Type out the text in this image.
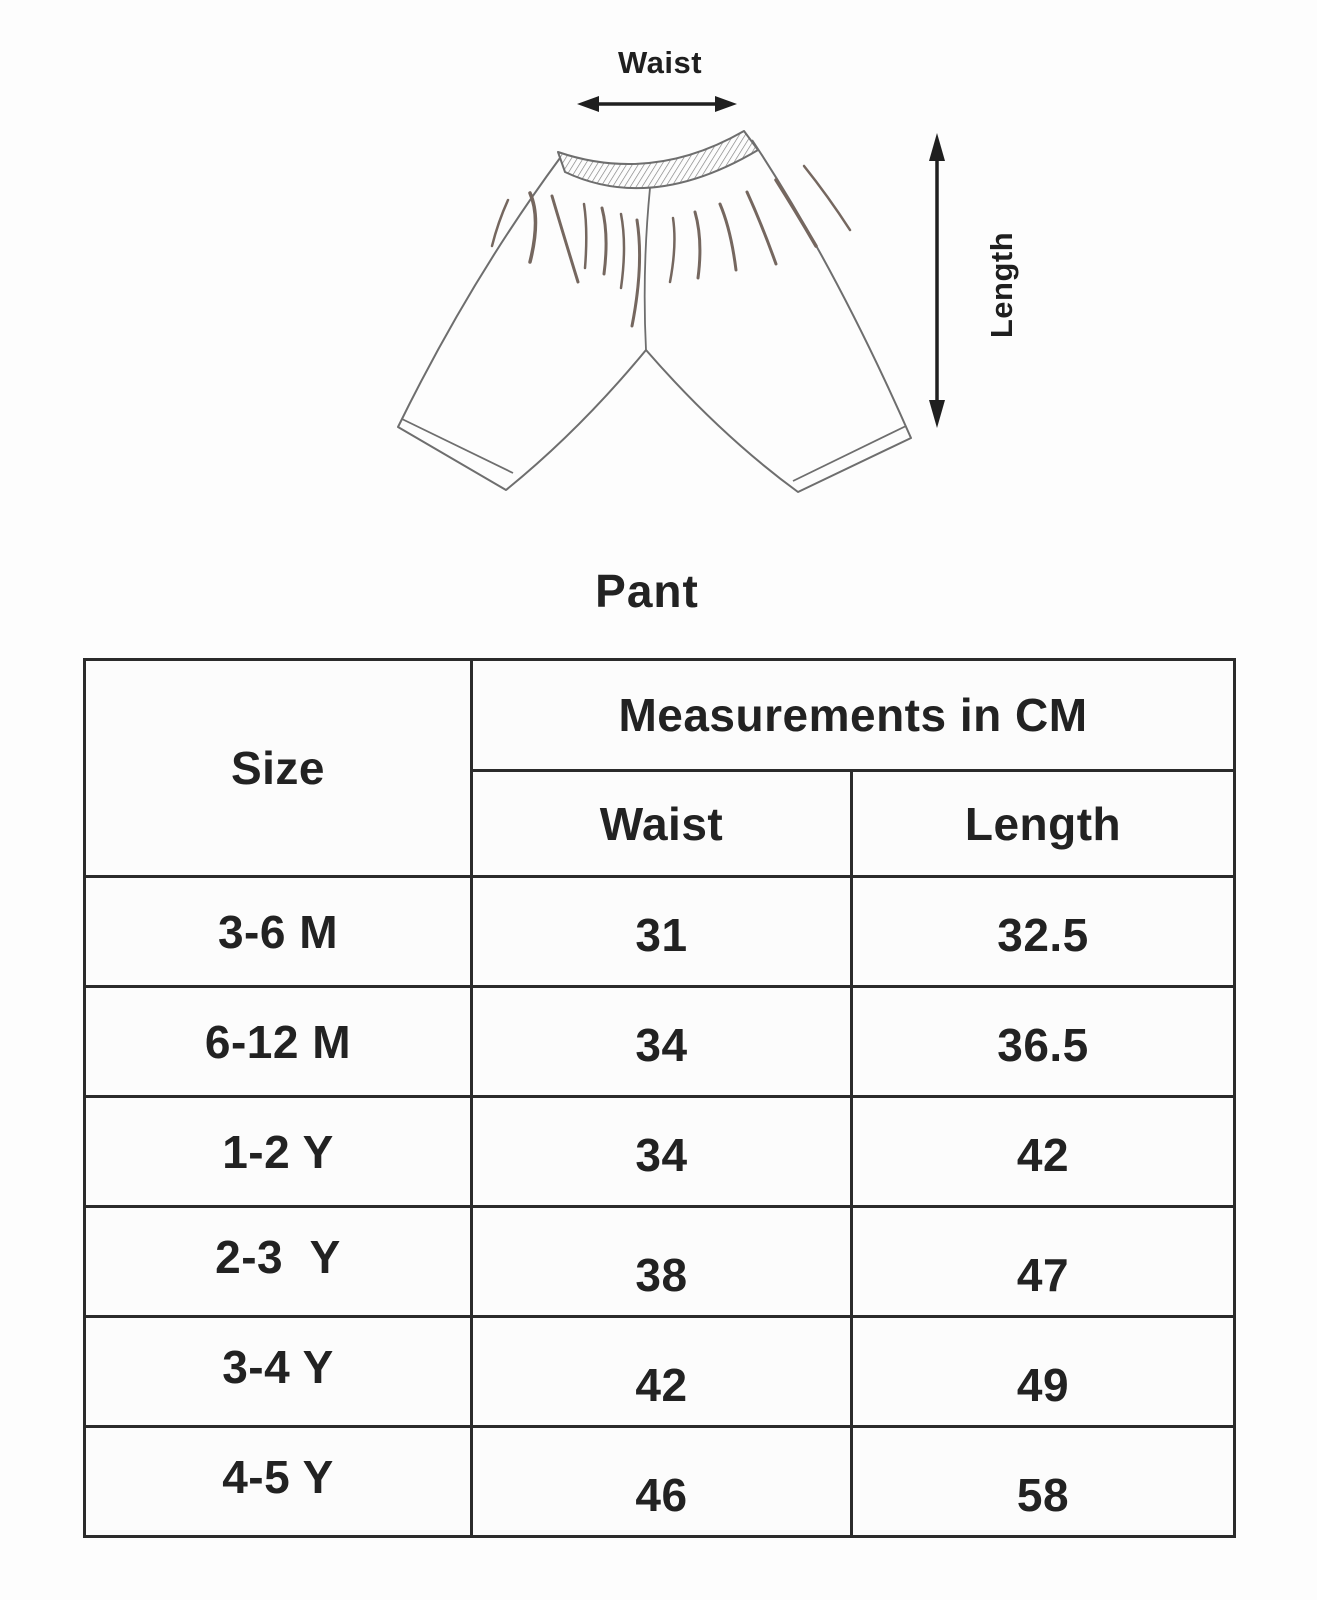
Waist
Length
Pant
Size	Measurements in CM	
	Waist	Length
3-6 M	31	32.5
6-12 M	34	36.5
1-2 Y	34	42
2-3  Y	38	47
3-4 Y	42	49
4-5 Y	46	58
